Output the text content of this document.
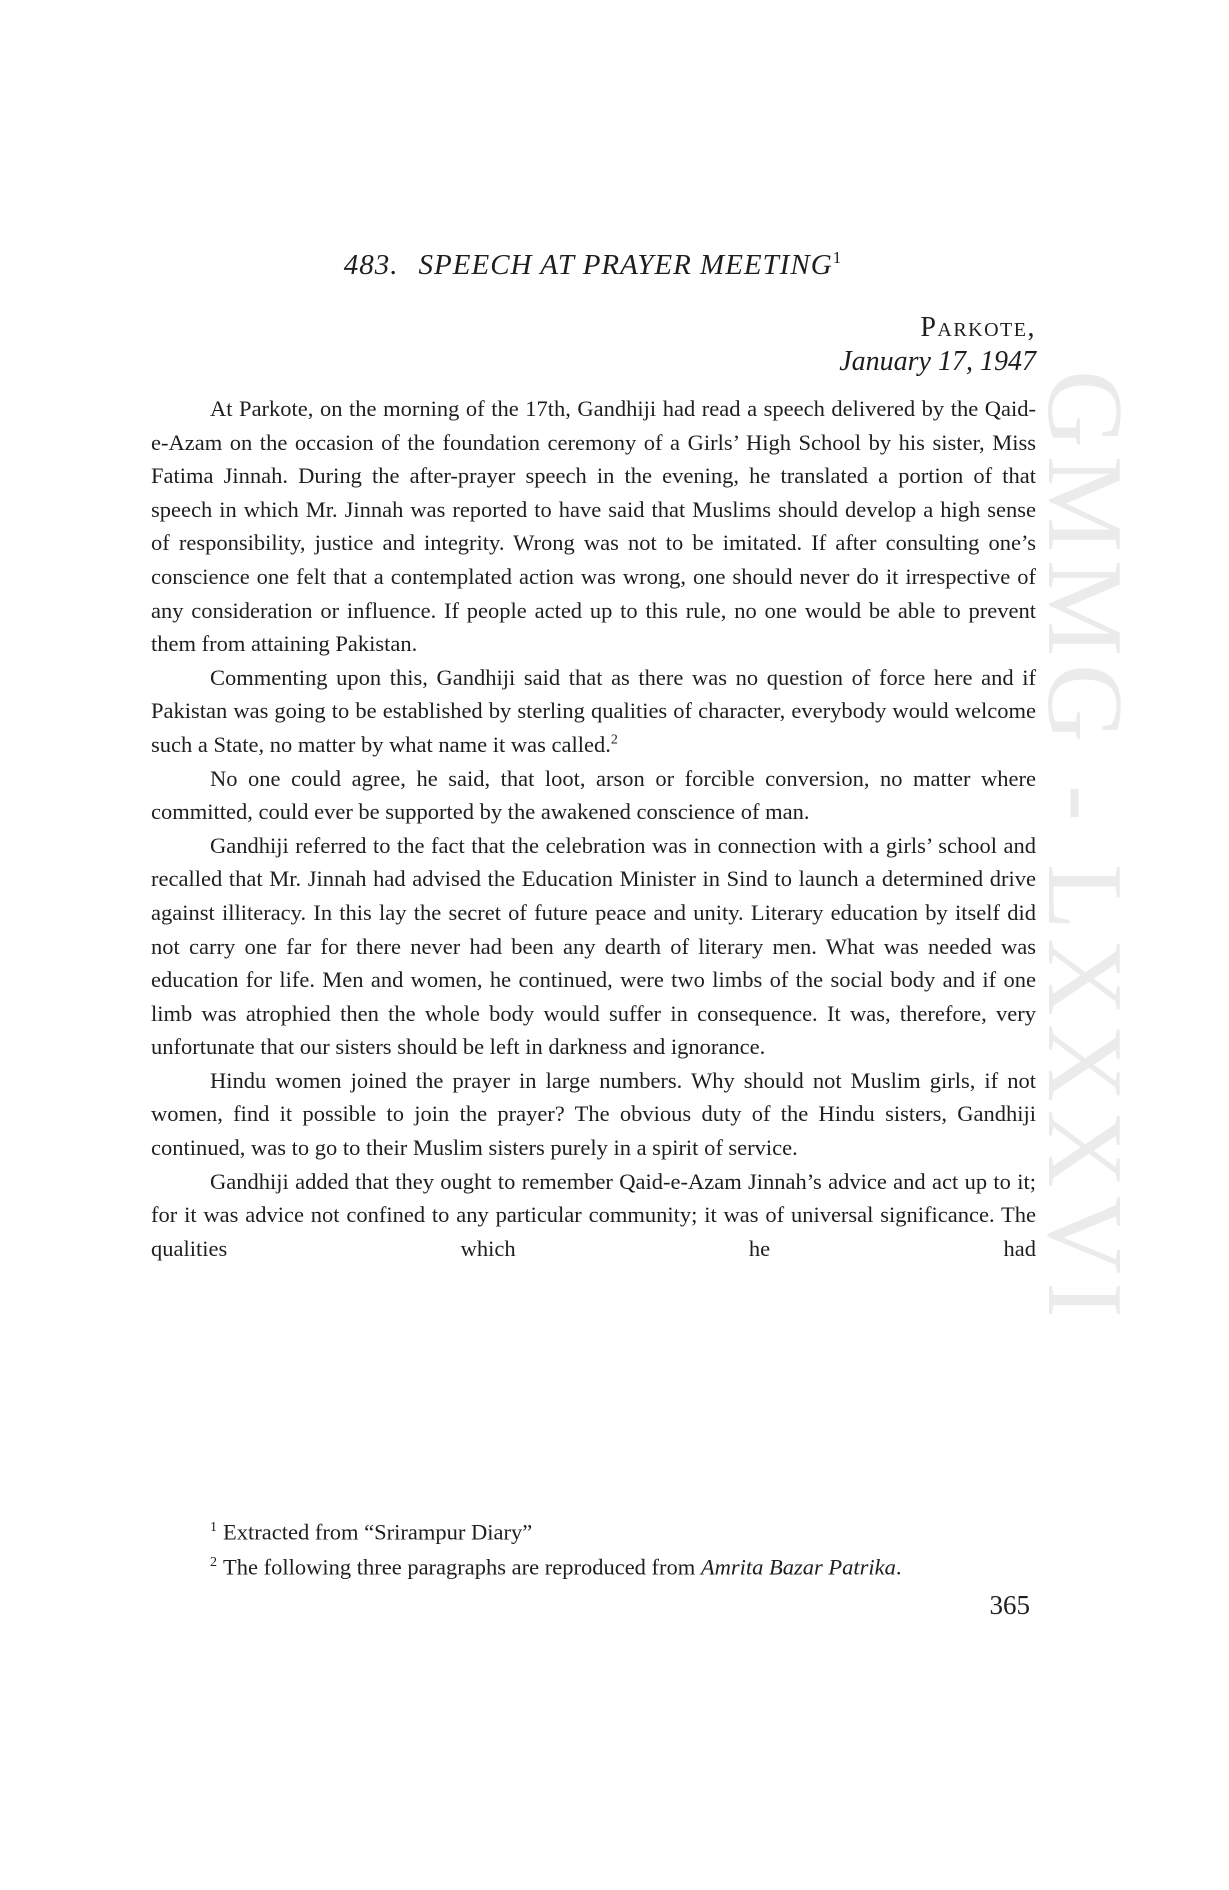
GMMG - LXXXVI
483. SPEECH AT PRAYER MEETING$^1$
Parkote,
January 17, 1947

At Parkote, on the morning of the 17th, Gandhiji had read a speech delivered by the Qaid-e-Azam on the occasion of the foundation ceremony of a Girls’ High School by his sister, Miss Fatima Jinnah. During the after-prayer speech in the evening, he translated a portion of that speech in which Mr. Jinnah was reported to have said that Muslims should develop a high sense of responsibility, justice and integrity. Wrong was not to be imitated. If after consulting one’s conscience one felt that a contemplated action was wrong, one should never do it irrespective of any consideration or influence. If people acted up to this rule, no one would be able to prevent them from attaining Pakistan.

Commenting upon this, Gandhiji said that as there was no question of force here and if Pakistan was going to be established by sterling qualities of character, everybody would welcome such a State, no matter by what name it was called.$^2$

No one could agree, he said, that loot, arson or forcible conversion, no matter where committed, could ever be supported by the awakened conscience of man.

Gandhiji referred to the fact that the celebration was in connection with a girls’ school and recalled that Mr. Jinnah had advised the Education Minister in Sind to launch a determined drive against illiteracy. In this lay the secret of future peace and unity. Literary education by itself did not carry one far for there never had been any dearth of literary men. What was needed was education for life. Men and women, he continued, were two limbs of the social body and if one limb was atrophied then the whole body would suffer in consequence. It was, therefore, very unfortunate that our sisters should be left in darkness and ignorance.

Hindu women joined the prayer in large numbers. Why should not Muslim girls, if not women, find it possible to join the prayer? The obvious duty of the Hindu sisters, Gandhiji continued, was to go to their Muslim sisters purely in a spirit of service.

Gandhiji added that they ought to remember Qaid-e-Azam Jinnah’s advice and act up to it; for it was advice not confined to any particular community; it was of universal significance. The qualities which he had

$^1$ Extracted from “Srirampur Diary”
$^2$ The following three paragraphs are reproduced from Amrita Bazar Patrika.
365
